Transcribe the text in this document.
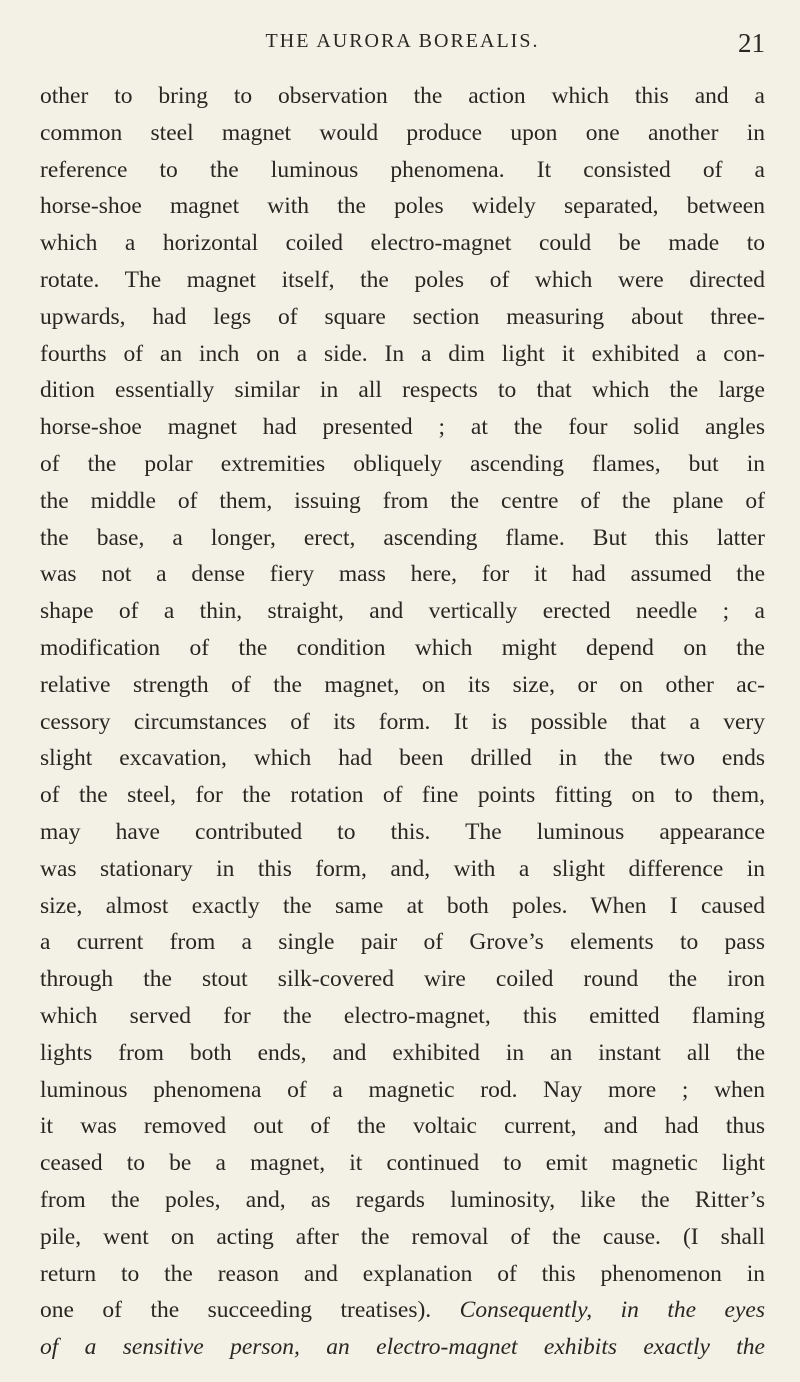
THE AURORA BOREALIS.	21
other to bring to observation the action which this and a
common steel magnet would produce upon one another in
reference to the luminous phenomena. It consisted of a
horse-shoe magnet with the poles widely separated, between
which a horizontal coiled electro-magnet could be made to
rotate. The magnet itself, the poles of which were directed
upwards, had legs of square section measuring about three-
fourths of an inch on a side. In a dim light it exhibited a con-
dition essentially similar in all respects to that which the large
horse-shoe magnet had presented ; at the four solid angles
of the polar extremities obliquely ascending flames, but in
the middle of them, issuing from the centre of the plane of
the base, a longer, erect, ascending flame. But this latter
was not a dense fiery mass here, for it had assumed the
shape of a thin, straight, and vertically erected needle ; a
modification of the condition which might depend on the
relative strength of the magnet, on its size, or on other ac-
cessory circumstances of its form. It is possible that a very
slight excavation, which had been drilled in the two ends
of the steel, for the rotation of fine points fitting on to them,
may have contributed to this. The luminous appearance
was stationary in this form, and, with a slight difference in
size, almost exactly the same at both poles. When I caused
a current from a single pair of Grove’s elements to pass
through the stout silk-covered wire coiled round the iron
which served for the electro-magnet, this emitted flaming
lights from both ends, and exhibited in an instant all the
luminous phenomena of a magnetic rod. Nay more ; when
it was removed out of the voltaic current, and had thus
ceased to be a magnet, it continued to emit magnetic light
from the poles, and, as regards luminosity, like the Ritter’s
pile, went on acting after the removal of the cause. (I shall
return to the reason and explanation of this phenomenon in
one of the succeeding treatises). Consequently, in the eyes
of a sensitive person, an electro-magnet exhibits exactly the
